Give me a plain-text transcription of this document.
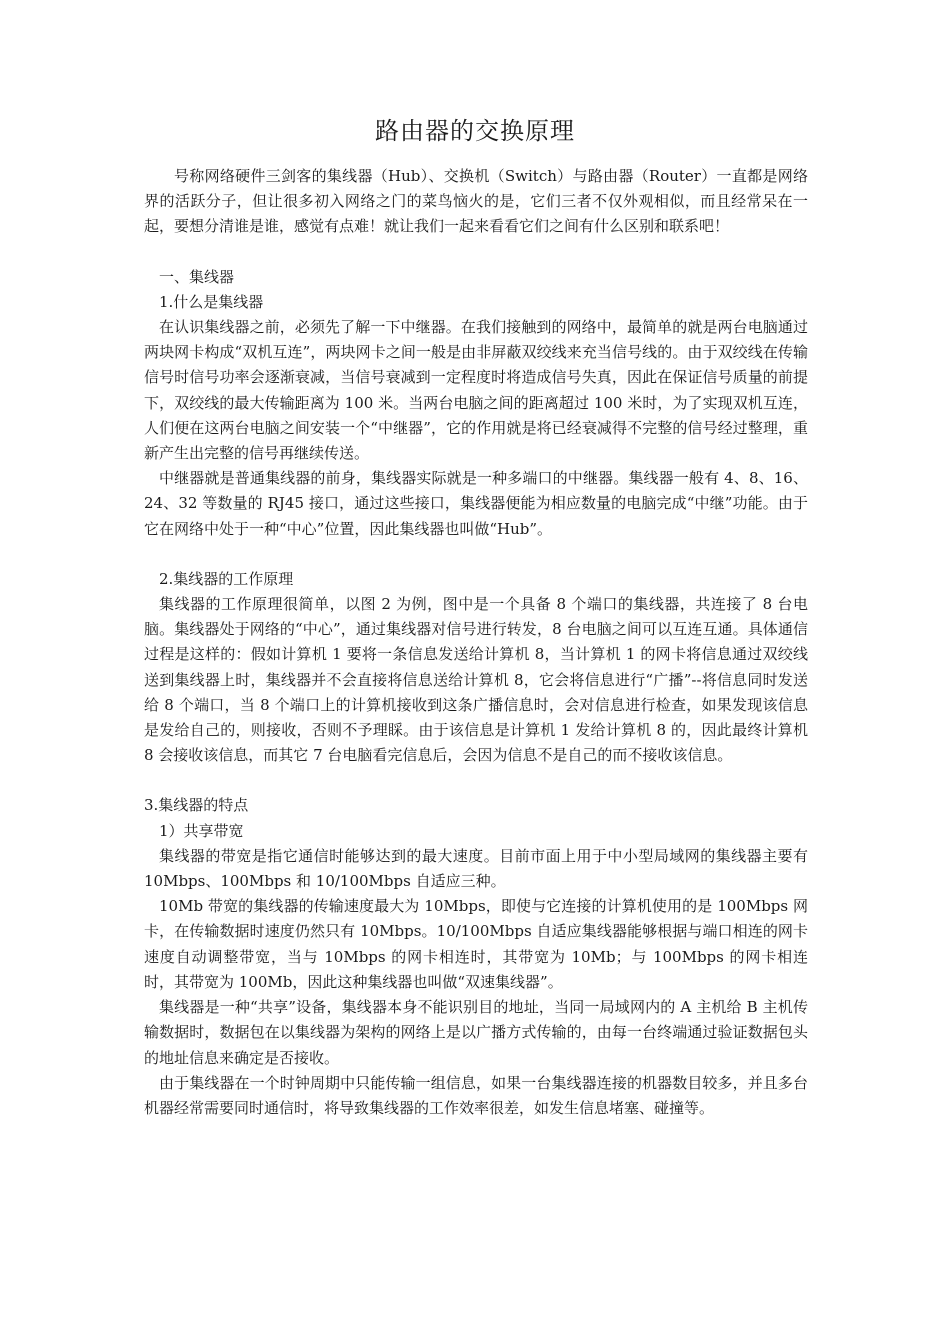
路由器的交换原理

号称网络硬件三剑客的集线器（Hub）、交换机（Switch）与路由器（Router）一直都是网络界的活跃分子，但让很多初入网络之门的菜鸟恼火的是，它们三者不仅外观相似，而且经常呆在一起，要想分清谁是谁，感觉有点难！就让我们一起来看看它们之间有什么区别和联系吧！

一、集线器

1.什么是集线器

在认识集线器之前，必须先了解一下中继器。在我们接触到的网络中，最简单的就是两台电脑通过两块网卡构成“双机互连”，两块网卡之间一般是由非屏蔽双绞线来充当信号线的。由于双绞线在传输信号时信号功率会逐渐衰减，当信号衰减到一定程度时将造成信号失真，因此在保证信号质量的前提下，双绞线的最大传输距离为 100 米。当两台电脑之间的距离超过 100 米时，为了实现双机互连，人们便在这两台电脑之间安装一个“中继器”，它的作用就是将已经衰减得不完整的信号经过整理，重新产生出完整的信号再继续传送。

中继器就是普通集线器的前身，集线器实际就是一种多端口的中继器。集线器一般有 4、8、16、24、32 等数量的 RJ45 接口，通过这些接口，集线器便能为相应数量的电脑完成“中继”功能。由于它在网络中处于一种“中心”位置，因此集线器也叫做“Hub”。

2.集线器的工作原理

集线器的工作原理很简单，以图 2 为例，图中是一个具备 8 个端口的集线器，共连接了 8 台电脑。集线器处于网络的“中心”，通过集线器对信号进行转发，8 台电脑之间可以互连互通。具体通信过程是这样的：假如计算机 1 要将一条信息发送给计算机 8，当计算机 1 的网卡将信息通过双绞线送到集线器上时，集线器并不会直接将信息送给计算机 8，它会将信息进行“广播”--将信息同时发送给 8 个端口，当 8 个端口上的计算机接收到这条广播信息时，会对信息进行检查，如果发现该信息是发给自己的，则接收，否则不予理睬。由于该信息是计算机 1 发给计算机 8 的，因此最终计算机 8 会接收该信息，而其它 7 台电脑看完信息后，会因为信息不是自己的而不接收该信息。

3.集线器的特点

1）共享带宽

集线器的带宽是指它通信时能够达到的最大速度。目前市面上用于中小型局域网的集线器主要有 10Mbps、100Mbps 和 10/100Mbps 自适应三种。

10Mb 带宽的集线器的传输速度最大为 10Mbps，即使与它连接的计算机使用的是 100Mbps 网卡，在传输数据时速度仍然只有 10Mbps。10/100Mbps 自适应集线器能够根据与端口相连的网卡速度自动调整带宽，当与 10Mbps 的网卡相连时，其带宽为 10Mb；与 100Mbps 的网卡相连时，其带宽为 100Mb，因此这种集线器也叫做“双速集线器”。

集线器是一种“共享”设备，集线器本身不能识别目的地址，当同一局域网内的 A 主机给 B 主机传输数据时，数据包在以集线器为架构的网络上是以广播方式传输的，由每一台终端通过验证数据包头的地址信息来确定是否接收。

由于集线器在一个时钟周期中只能传输一组信息，如果一台集线器连接的机器数目较多，并且多台机器经常需要同时通信时，将导致集线器的工作效率很差，如发生信息堵塞、碰撞等。
